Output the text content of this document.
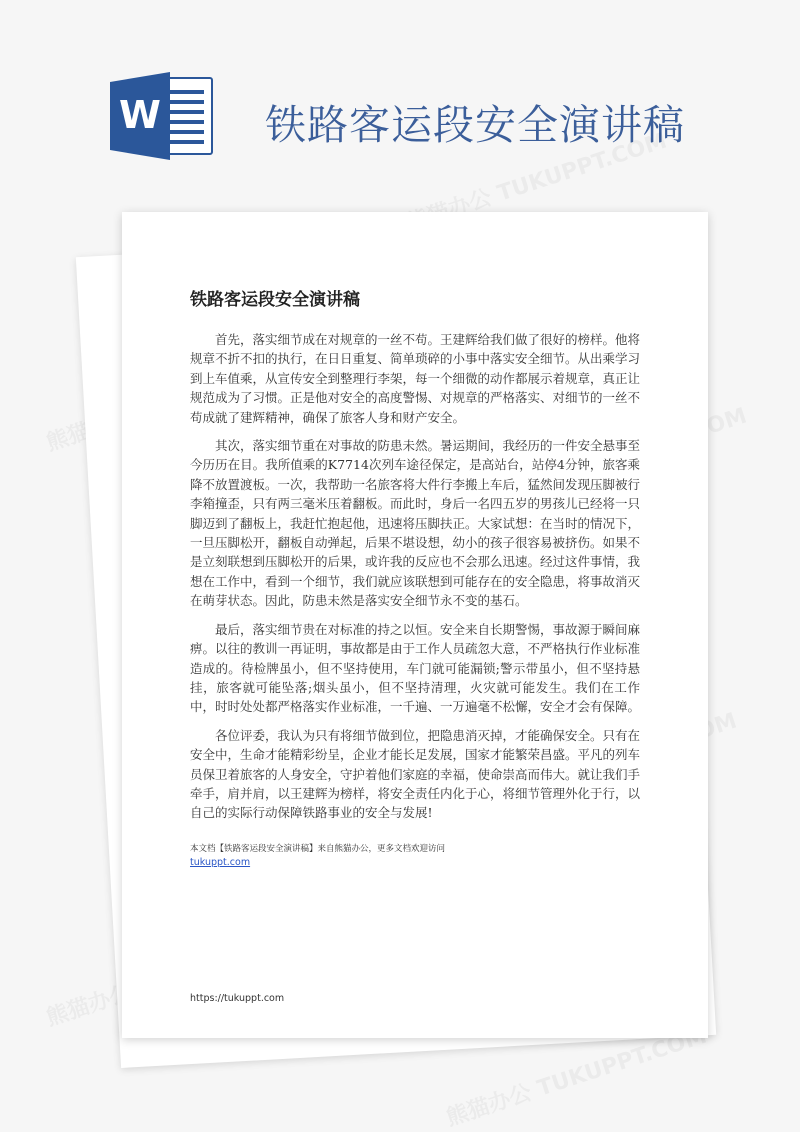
W	铁路客运段安全演讲稿
铁路客运段安全演讲稿

首先，落实细节成在对规章的一丝不苟。王建辉给我们做了很好的榜样。他将规章不折不扣的执行，在日日重复、简单琐碎的小事中落实安全细节。从出乘学习到上车值乘，从宣传安全到整理行李架，每一个细微的动作都展示着规章，真正让规范成为了习惯。正是他对安全的高度警惕、对规章的严格落实、对细节的一丝不苟成就了建辉精神，确保了旅客人身和财产安全。

其次，落实细节重在对事故的防患未然。暑运期间，我经历的一件安全悬事至今历历在目。我所值乘的K7714次列车途径保定，是高站台，站停4分钟，旅客乘降不放置渡板。一次，我帮助一名旅客将大件行李搬上车后，猛然间发现压脚被行李箱撞歪，只有两三毫米压着翻板。而此时，身后一名四五岁的男孩儿已经将一只脚迈到了翻板上，我赶忙抱起他，迅速将压脚扶正。大家试想：在当时的情况下，一旦压脚松开，翻板自动弹起，后果不堪设想，幼小的孩子很容易被挤伤。如果不是立刻联想到压脚松开的后果，或许我的反应也不会那么迅速。经过这件事情，我想在工作中，看到一个细节，我们就应该联想到可能存在的安全隐患，将事故消灭在萌芽状态。因此，防患未然是落实安全细节永不变的基石。

最后，落实细节贵在对标准的持之以恒。安全来自长期警惕，事故源于瞬间麻痹。以往的教训一再证明，事故都是由于工作人员疏忽大意，不严格执行作业标准造成的。待检牌虽小，但不坚持使用，车门就可能漏锁;警示带虽小，但不坚持悬挂，旅客就可能坠落;烟头虽小，但不坚持清理，火灾就可能发生。我们在工作中，时时处处都严格落实作业标准，一千遍、一万遍毫不松懈，安全才会有保障。

各位评委，我认为只有将细节做到位，把隐患消灭掉，才能确保安全。只有在安全中，生命才能精彩纷呈，企业才能长足发展，国家才能繁荣昌盛。平凡的列车员保卫着旅客的人身安全，守护着他们家庭的幸福，使命崇高而伟大。就让我们手牵手，肩并肩，以王建辉为榜样，将安全责任内化于心，将细节管理外化于行，以自己的实际行动保障铁路事业的安全与发展!

本文档【铁路客运段安全演讲稿】来自熊猫办公，更多文档欢迎访问
tukuppt.com
https://tukuppt.com
